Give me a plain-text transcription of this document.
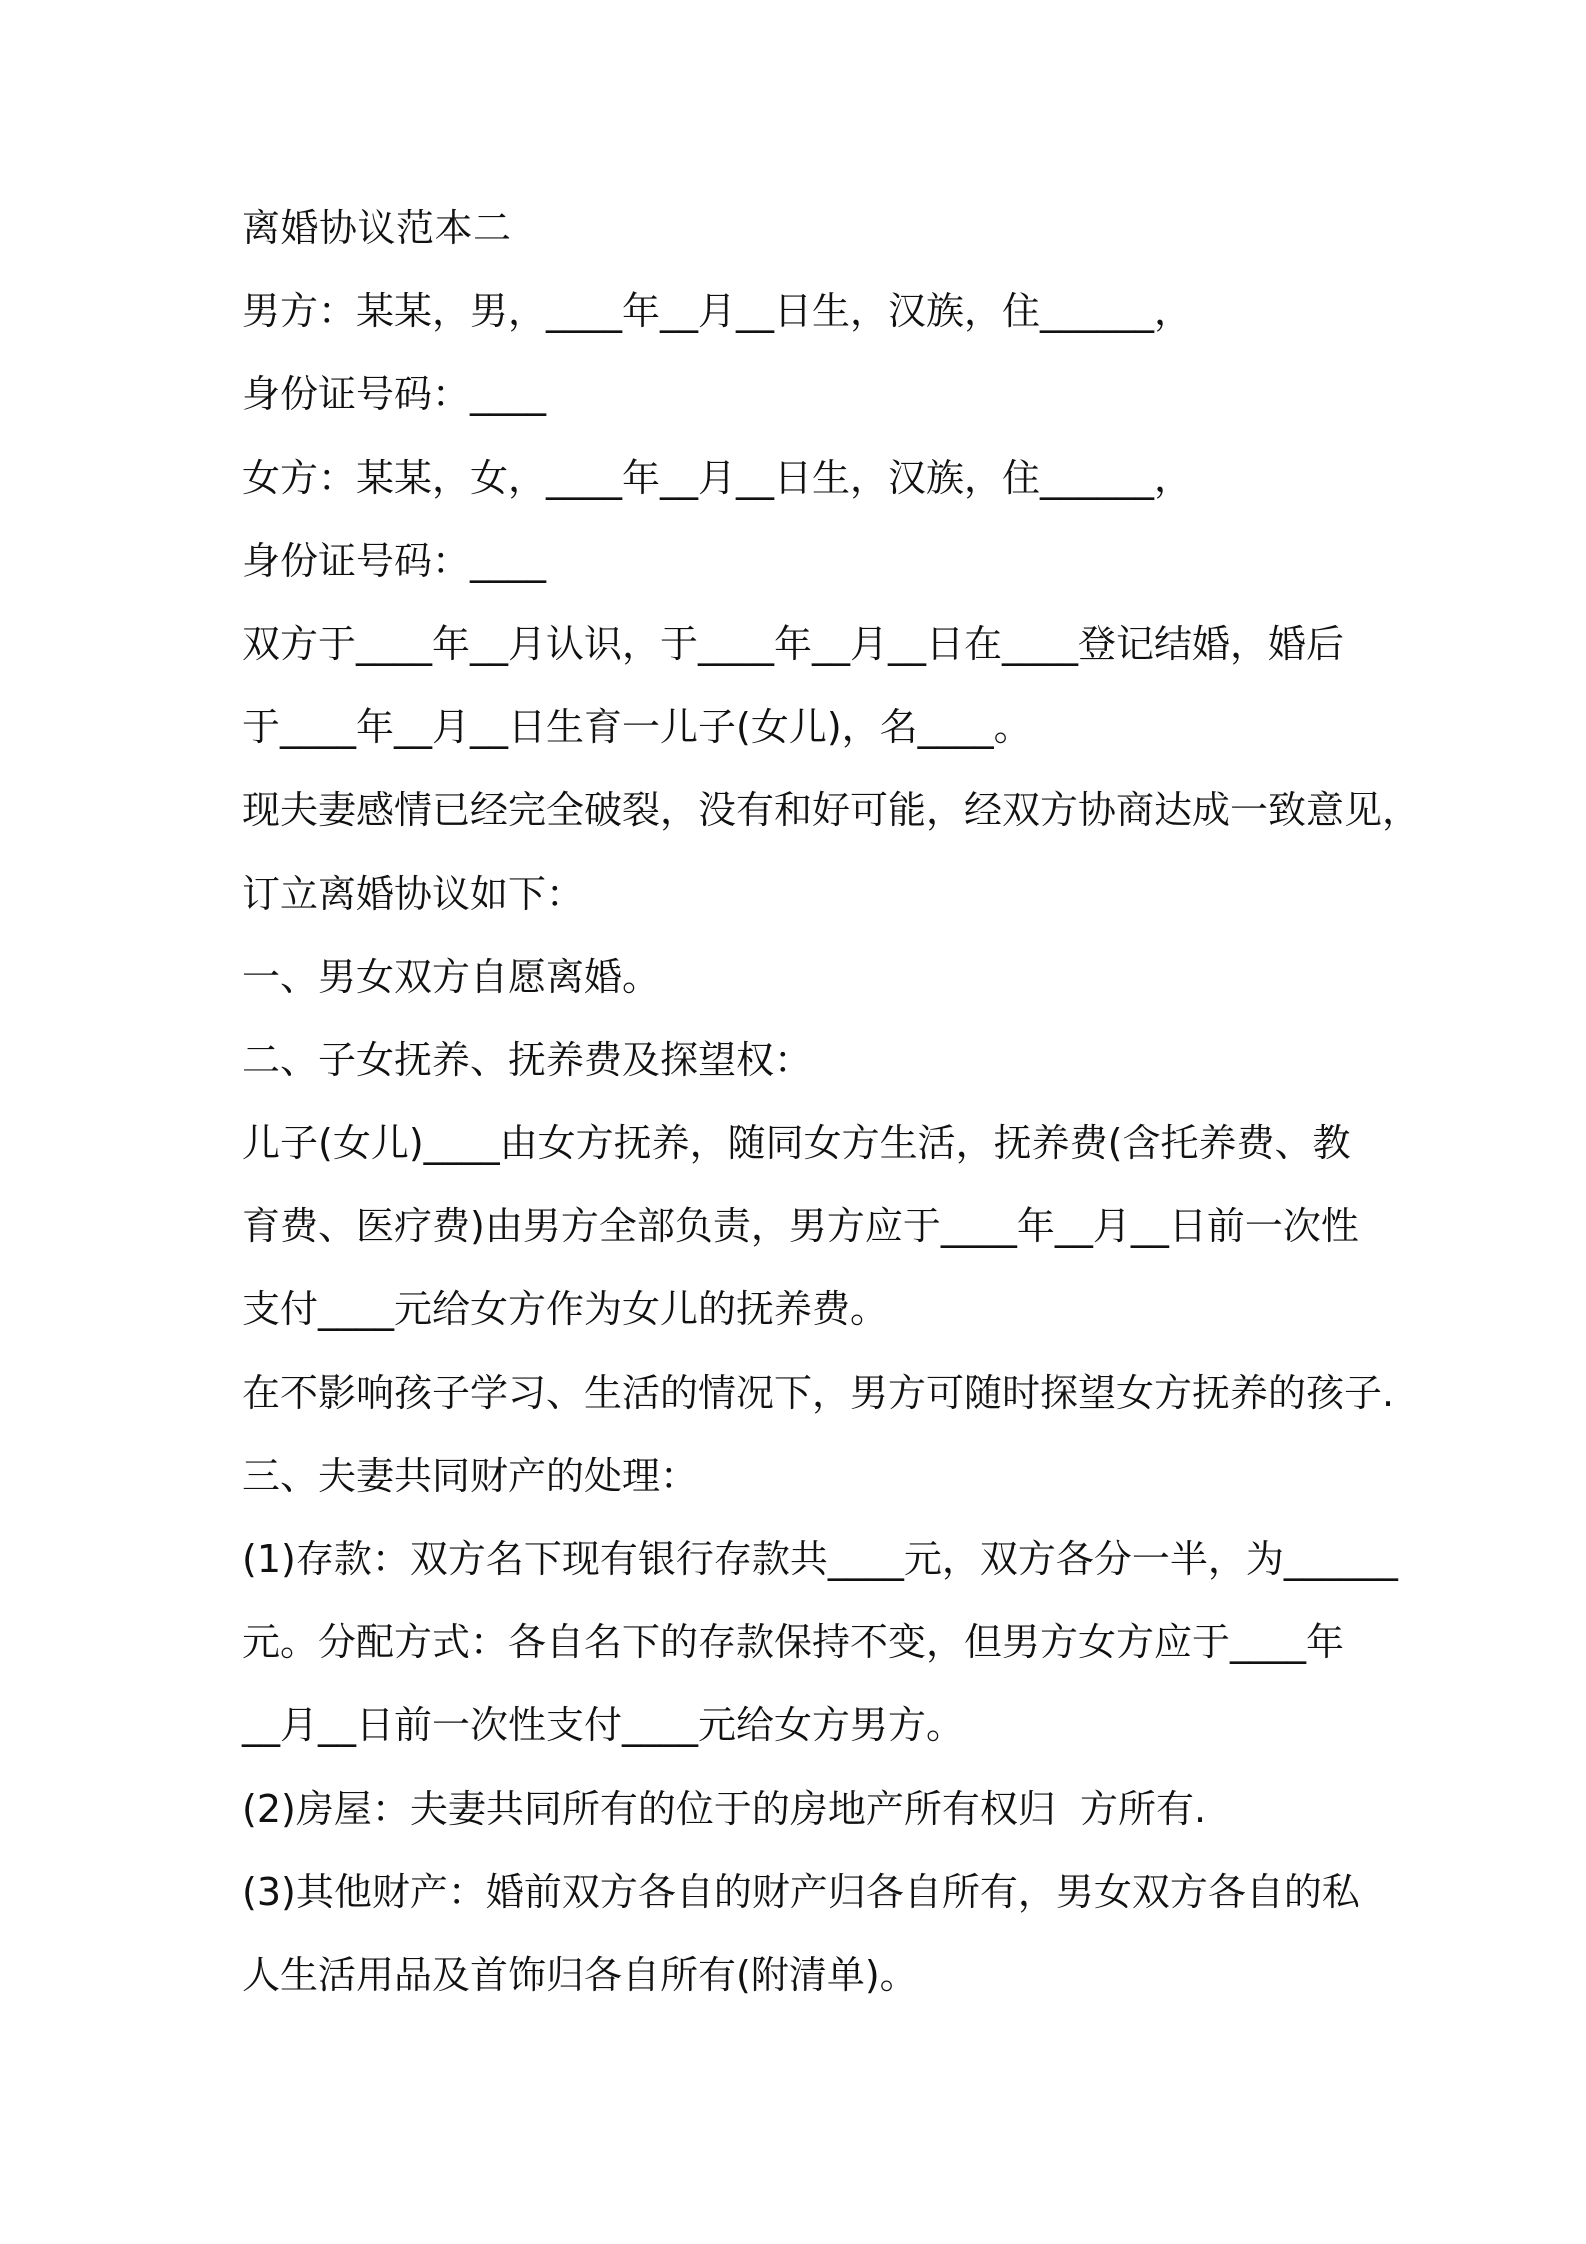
离婚协议范本二
男方：某某，男，____年__月__日生，汉族，住______，
身份证号码：____
女方：某某，女，____年__月__日生，汉族，住______，
身份证号码：____
双方于____年__月认识，于____年__月__日在____登记结婚，婚后
于____年__月__日生育一儿子(女儿)，名____。
现夫妻感情已经完全破裂，没有和好可能，经双方协商达成一致意见，
订立离婚协议如下：
一、男女双方自愿离婚。
二、子女抚养、抚养费及探望权：
儿子(女儿)____由女方抚养，随同女方生活，抚养费(含托养费、教
育费、医疗费)由男方全部负责，男方应于____年__月__日前一次性
支付____元给女方作为女儿的抚养费。
在不影响孩子学习、生活的情况下，男方可随时探望女方抚养的孩子.
三、夫妻共同财产的处理：
(1)存款：双方名下现有银行存款共____元，双方各分一半，为______
元。分配方式：各自名下的存款保持不变，但男方女方应于____年
__月__日前一次性支付____元给女方男方。
(2)房屋：夫妻共同所有的位于的房地产所有权归  方所有.
(3)其他财产：婚前双方各自的财产归各自所有，男女双方各自的私
人生活用品及首饰归各自所有(附清单)。
